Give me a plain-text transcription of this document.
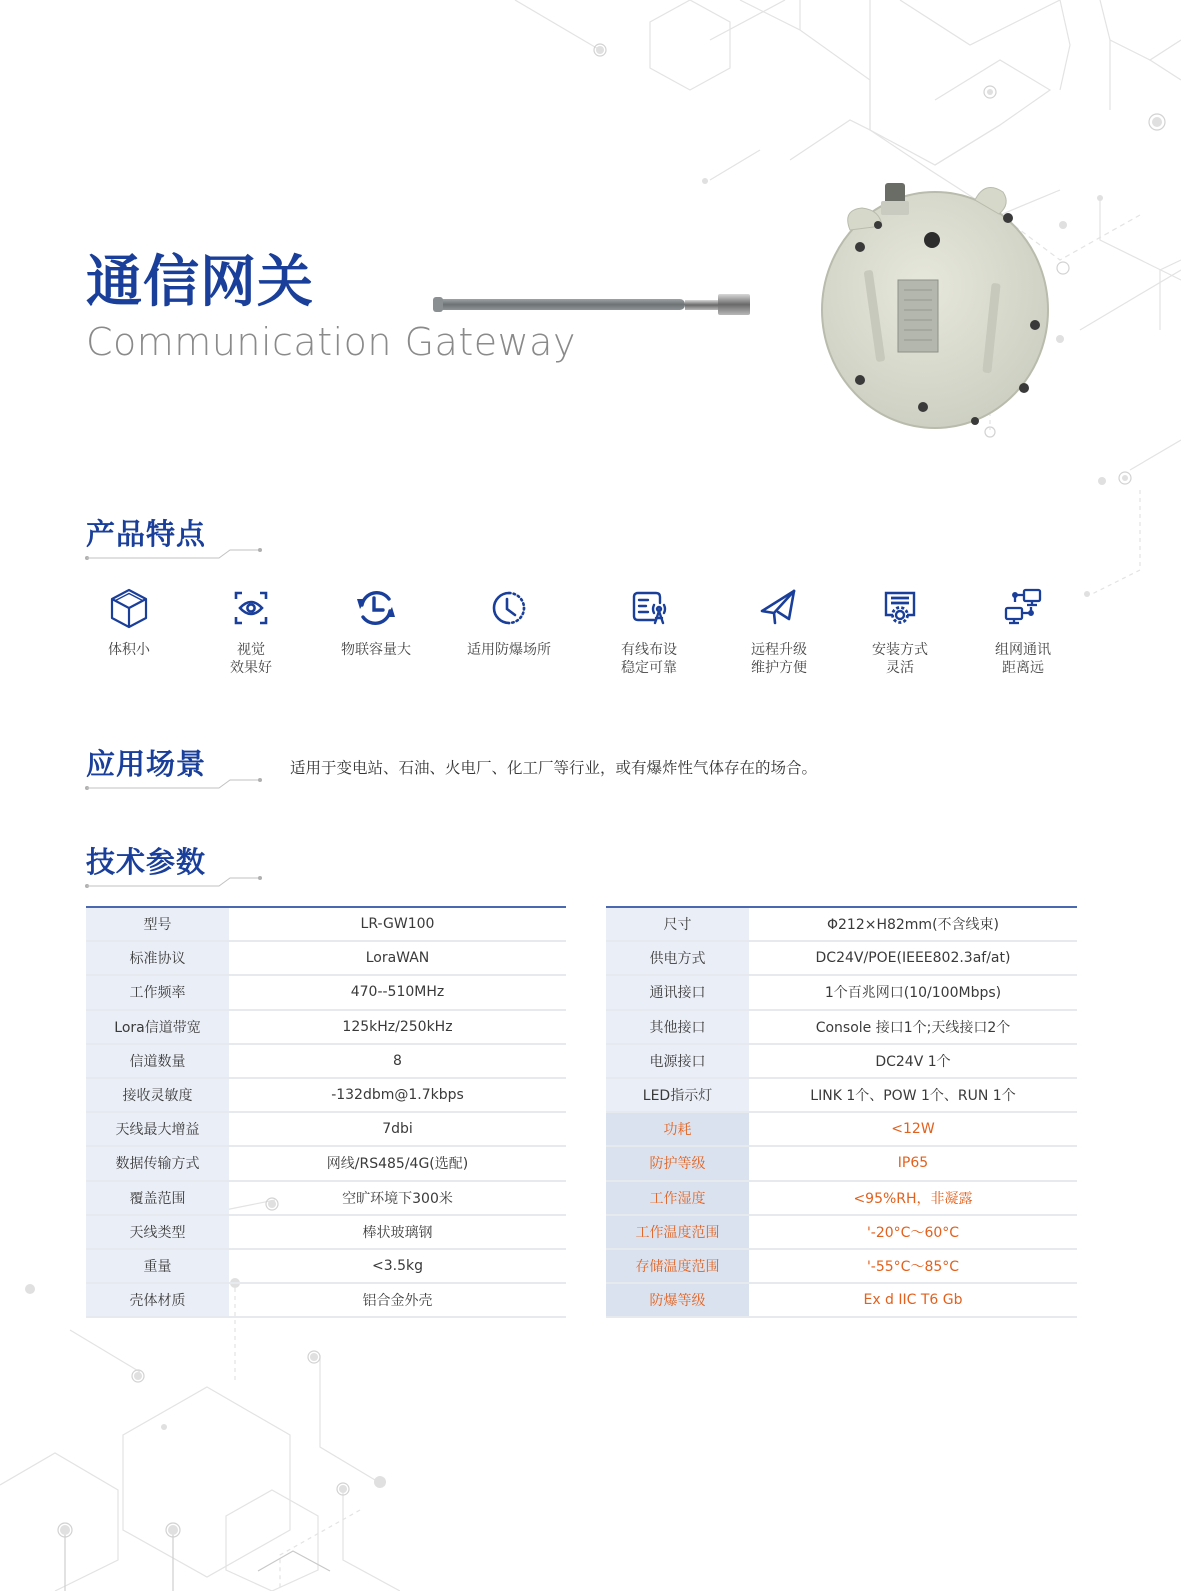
通信网关
Communication Gateway
产品特点
体积小	视觉
效果好
物联容量大	适用防爆场所	有线布设
稳定可靠
远程升级
维护方便
安装方式
灵活
组网通讯
距离远
应用场景	适用于变电站、石油、火电厂、化工厂等行业，或有爆炸性气体存在的场合。
技术参数
型号	LR-GW100
标准协议	LoraWAN
工作频率	470--510MHz
Lora信道带宽	125kHz/250kHz
信道数量	8
接收灵敏度	-132dbm@1.7kbps
天线最大增益	7dbi
数据传输方式	网线/RS485/4G(选配)
覆盖范围	空旷环境下300米
天线类型	棒状玻璃钢
重量	<3.5kg
壳体材质	铝合金外壳
尺寸	Φ212×H82mm(不含线束)
供电方式	DC24V/POE(IEEE802.3af/at)
通讯接口	1个百兆网口(10/100Mbps)
其他接口	Console 接口1个;天线接口2个
电源接口	DC24V 1个
LED指示灯	LINK 1个、POW 1个、RUN 1个
功耗	<12W
防护等级	IP65
工作湿度	<95%RH，非凝露
工作温度范围	'-20°C～60°C
存储温度范围	'-55°C～85°C
防爆等级	Ex d IIC T6 Gb
